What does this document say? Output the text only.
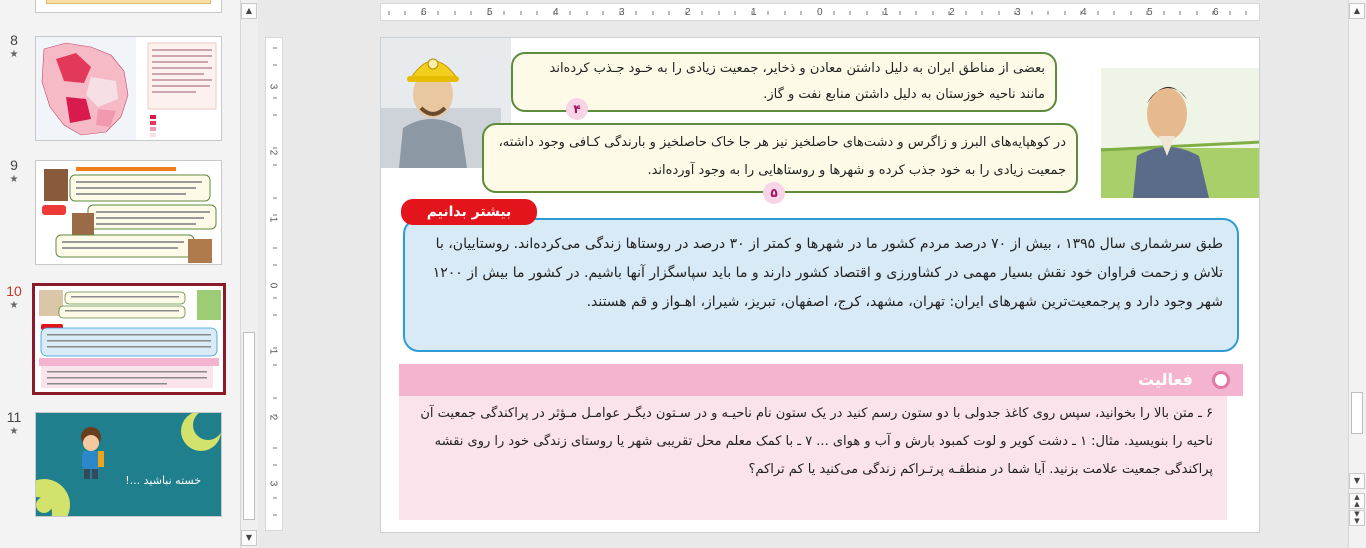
8
★
9
★
10
★
11
★
خسته نباشید ...!
▲
▼
6	5	4	3	2	1	0	1	2	3	4	5	6
3
2
1
0
1
2
3
بعضی از مناطق ایران به دلیل داشتن معادن و ذخایر، جمعیت زیادی را به خـود جـذب کرده‌اند مانند ناحیه خوزستان به دلیل داشتن منابع نفت و گاز.
۴
در کوهپایه‌های البرز و زاگرس و دشت‌های حاصلخیز نیز هر جا خاک حاصلخیز و بارندگی کـافی وجود داشته، جمعیت زیادی را به خود جذب کرده و شهرها و روستاهایی را به وجود آورده‌اند.
۵
طبق سرشماری سال ۱۳۹۵ ، بیش از ۷۰ درصد مردم کشور ما در شهرها و کمتر از ۳۰ درصد در روستاها زندگی می‌کرده‌اند. روستاییان، با تلاش و زحمت فراوان خود نقش بسیار مهمی در کشاورزی و اقتصاد کشور دارند و ما باید سپاسگزار آنها باشیم. در کشور ما بیش از ۱۲۰۰ شهر وجود دارد و پرجمعیت‌ترین شهرهای ایران: تهران، مشهد، کرج، اصفهان، تبریز، شیراز، اهـواز و قم هستند.
بیشتر بدانیم
فعالیت
۶ ـ متن بالا را بخوانید، سپس روی کاغذ جدولی با دو ستون رسم کنید در یک ستون نام ناحیـه و در سـتون دیگـر عوامـل مـؤثر در پراکندگی جمعیت آن ناحیه را بنویسید. مثال: ۱ ـ دشت کویر و لوت کمبود بارش و آب و هوای ... ۷ ـ با کمک معلم محل تقریبی شهر یا روستای زندگی خود را روی نقشه پراکندگی جمعیت علامت بزنید. آیا شما در منطقـه پرتـراکم زندگی می‌کنید یا کم تراکم؟
▲
▼
▲
▲
▼
▼
